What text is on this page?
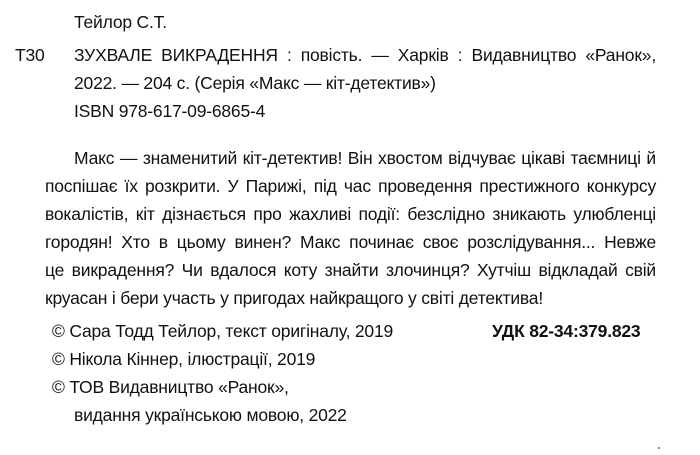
Тейлор С.Т.
Т30 ЗУХВАЛЕ ВИКРАДЕННЯ : повість. — Харків : Видавництво «Ранок»,
2022. — 204 с. (Серія «Макс — кіт-детектив»)
ISBN 978-617-09-6865-4
Макс — знаменитий кіт-детектив! Він хвостом відчуває цікаві таємниці й
поспішає їх розкрити. У Парижі, під час проведення престижного конкурсу
вокалістів, кіт дізнається про жахливі події: безслідно зникають улюбленці
городян! Хто в цьому винен? Макс починає своє розслідування... Невже
це викрадення? Чи вдалося коту знайти злочинця? Хутчіш відкладай свій
круасан і бери участь у пригодах найкращого у світі детектива!
© Сара Тодд Тейлор, текст оригіналу, 2019
© Нікола Кіннер, ілюстрації, 2019
© ТОВ Видавництво «Ранок»,
видання українською мовою, 2022
УДК 82-34:379.823
